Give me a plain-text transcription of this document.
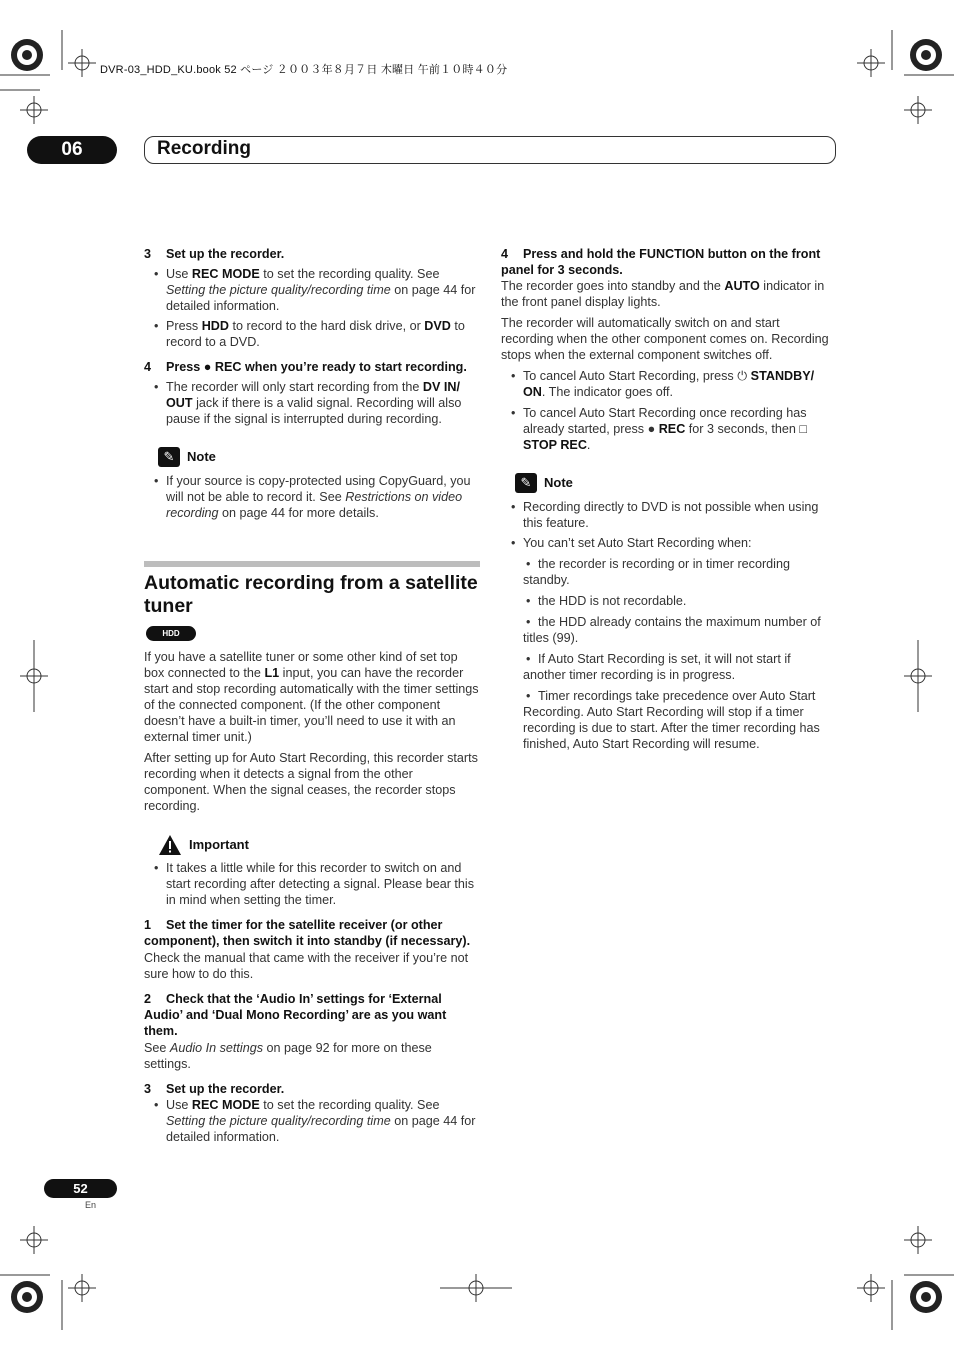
DVR-03_HDD_KU.book 52 ページ ２００３年８月７日 木曜日 午前１０時４０分
06	Recording

3 Set up the recorder.

• Use REC MODE to set the recording quality. See Setting the picture quality/recording time on page 44 for detailed information.

• Press HDD to record to the hard disk drive, or DVD to record to a DVD.

4 Press ● REC when you’re ready to start recording.

• The recorder will only start recording from the DV IN/ OUT jack if there is a valid signal. Recording will also pause if the signal is interrupted during recording.

✎ Note

• If your source is copy-protected using CopyGuard, you will not be able to record it. See Restrictions on video recording on page 44 for more details.

Automatic recording from a satellite tuner
HDD

If you have a satellite tuner or some other kind of set top box connected to the L1 input, you can have the recorder start and stop recording automatically with the timer settings of the connected component. (If the other component doesn’t have a built-in timer, you’ll need to use it with an external timer unit.)

After setting up for Auto Start Recording, this recorder starts recording when it detects a signal from the other component. When the signal ceases, the recorder stops recording.

Important

• It takes a little while for this recorder to switch on and start recording after detecting a signal. Please bear this in mind when setting the timer.

1 Set the timer for the satellite receiver (or other component), then switch it into standby (if necessary).

Check the manual that came with the receiver if you’re not sure how to do this.

2 Check that the ‘Audio In’ settings for ‘External Audio’ and ‘Dual Mono Recording’ are as you want them.

See Audio In settings on page 92 for more on these settings.

3 Set up the recorder.

• Use REC MODE to set the recording quality. See Setting the picture quality/recording time on page 44 for detailed information.

4 Press and hold the FUNCTION button on the front panel for 3 seconds.

The recorder goes into standby and the AUTO indicator in the front panel display lights.

The recorder will automatically switch on and start recording when the other component comes on. Recording stops when the external component switches off.

• To cancel Auto Start Recording, press ⏻ STANDBY/ ON. The indicator goes off.

• To cancel Auto Start Recording once recording has already started, press ● REC for 3 seconds, then □ STOP REC.

✎ Note

• Recording directly to DVD is not possible when using this feature.

• You can’t set Auto Start Recording when:

• the recorder is recording or in timer recording standby.

• the HDD is not recordable.

• the HDD already contains the maximum number of titles (99).

• If Auto Start Recording is set, it will not start if another timer recording is in progress.

• Timer recordings take precedence over Auto Start Recording. Auto Start Recording will stop if a timer recording is due to start. After the timer recording has finished, Auto Start Recording will resume.

52
En
